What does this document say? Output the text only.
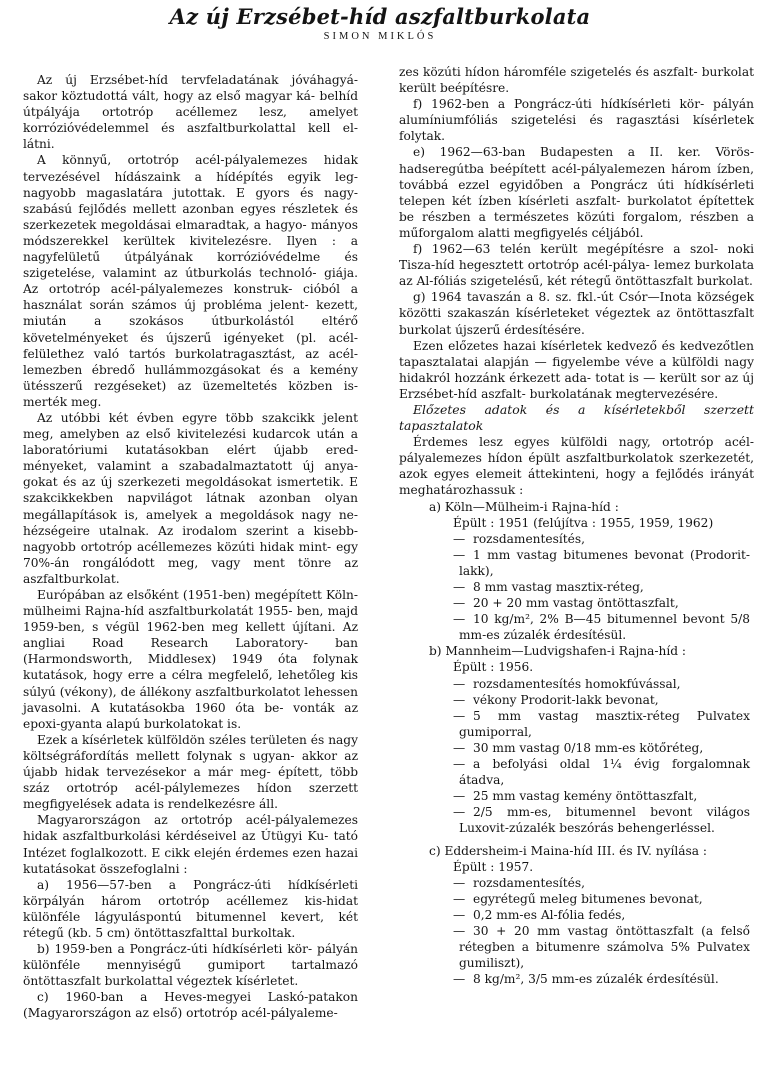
Az új Erzsébet-híd aszfaltburkolata
SIMON MIKLÓS

Az új Erzsébet-híd tervfeladatának jóváhagyá- sakor köztudottá vált, hogy az első magyar ká- belhíd útpályája ortotróp acéllemez lesz, amelyet korrózióvédelemmel és aszfaltburkolattal kell el- látni.

A könnyű, ortotróp acél-pályalemezes hidak tervezésével hídászaink a hídépítés egyik leg- nagyobb magaslatára jutottak. E gyors és nagy- szabású fejlődés mellett azonban egyes részletek és szerkezetek megoldásai elmaradtak, a hagyo- mányos módszerekkel kerültek kivitelezésre. Ilyen : a nagyfelületű útpályának korrózióvédelme és szigetelése, valamint az útburkolás technoló- giája. Az ortotróp acél-pályalemezes konstruk- cióból a használat során számos új probléma jelent- kezett, miután a szokásos útburkolástól eltérő követelményeket és újszerű igényeket (pl. acél- felülethez való tartós burkolatragasztást, az acél- lemezben ébredő hullámmozgásokat és a kemény ütésszerű rezgéseket) az üzemeltetés közben is- merték meg.

Az utóbbi két évben egyre több szakcikk jelent meg, amelyben az első kivitelezési kudarcok után a laboratóriumi kutatásokban elért újabb ered- ményeket, valamint a szabadalmaztatott új anya- gokat és az új szerkezeti megoldásokat ismertetik. E szakcikkekben napvilágot látnak azonban olyan megállapítások is, amelyek a megoldások nagy ne- hézségeire utalnak. Az irodalom szerint a kisebb- nagyobb ortotróp acéllemezes közúti hidak mint- egy 70%-án rongálódott meg, vagy ment tönre az aszfaltburkolat.

Európában az elsőként (1951-ben) megépített Köln-mülheimi Rajna-híd aszfaltburkolatát 1955- ben, majd 1959-ben, s végül 1962-ben meg kellett újítani. Az angliai Road Research Laboratory- ban (Harmondsworth, Middlesex) 1949 óta folynak kutatások, hogy erre a célra megfelelő, lehetőleg kis súlyú (vékony), de állékony aszfaltburkolatot lehessen javasolni. A kutatásokba 1960 óta be- vonták az epoxi-gyanta alapú burkolatokat is.

Ezek a kísérletek külföldön széles területen és nagy költségráfordítás mellett folynak s ugyan- akkor az újabb hidak tervezésekor a már meg- épített, több száz ortotróp acél-pálylemezes hídon szerzett megfigyelések adata is rendelkezésre áll.

Magyarországon az ortotróp acél-pályalemezes hidak aszfaltburkolási kérdéseivel az Útügyi Ku- tató Intézet foglalkozott. E cikk elején érdemes ezen hazai kutatásokat összefoglalni :

a) 1956—57-ben a Pongrácz-úti hídkísérleti körpályán három ortotróp acéllemez kis-hidat különféle lágyuláspontú bitumennel kevert, két rétegű (kb. 5 cm) öntöttaszfalttal burkoltak.

b) 1959-ben a Pongrácz-úti hídkísérleti kör- pályán különféle mennyiségű gumiport tartalmazó öntöttaszfalt burkolattal végeztek kísérletet.

c) 1960-ban a Heves-megyei Laskó-patakon (Magyarországon az első) ortotróp acél-pályaleme-

zes közúti hídon háromféle szigetelés és aszfalt- burkolat került beépítésre.

f) 1962-ben a Pongrácz-úti hídkísérleti kör- pályán alumíniumfóliás szigetelési és ragasztási kísérletek folytak.

e) 1962—63-ban Budapesten a II. ker. Vörös- hadseregútba beépített acél-pályalemezen három ízben, továbbá ezzel egyidőben a Pongrácz úti hídkísérleti telepen két ízben kísérleti aszfalt- burkolatot építettek be részben a természetes közúti forgalom, részben a műforgalom alatti megfigyelés céljából.

f) 1962—63 telén került megépítésre a szol- noki Tisza-híd hegesztett ortotróp acél-pálya- lemez burkolata az Al-fóliás szigetelésű, két rétegű öntöttaszfalt burkolat.

g) 1964 tavaszán a 8. sz. fkl.-út Csór—Inota községek közötti szakaszán kísérleteket végeztek az öntöttaszfalt burkolat újszerű érdesítésére.

Ezen előzetes hazai kísérletek kedvező és kedvezőtlen tapasztalatai alapján — figyelembe véve a külföldi nagy hidakról hozzánk érkezett ada- totat is — került sor az új Erzsébet-híd aszfalt- burkolatának megtervezésére.

Előzetes adatok és a kísérletekből szerzett tapasztalatok

Érdemes lesz egyes külföldi nagy, ortotróp acél-pályalemezes hídon épült aszfaltburkolatok szerkezetét, azok egyes elemeit áttekinteni, hogy a fejlődés irányát meghatározhassuk :

a) Köln—Mülheim-i Rajna-híd :

Épült : 1951 (felújítva : 1955, 1959, 1962)

— rozsdamentesítés,

— 1 mm vastag bitumenes bevonat (Prodorit-lakk),

— 8 mm vastag masztix-réteg,

— 20 + 20 mm vastag öntöttaszfalt,

— 10 kg/m², 2% B—45 bitumennel bevont 5/8 mm-es zúzalék érdesítésül.

b) Mannheim—Ludvigshafen-i Rajna-híd :

Épült : 1956.

— rozsdamentesítés homokfúvással,

— vékony Prodorit-lakk bevonat,

— 5 mm vastag masztix-réteg Pulvatex gumiporral,

— 30 mm vastag 0/18 mm-es kötőréteg,

— a befolyási oldal 1¼ évig forgalomnak átadva,

— 25 mm vastag kemény öntöttaszfalt,

— 2/5 mm-es, bitumennel bevont világos Luxovit-zúzalék beszórás behengerléssel.

c) Eddersheim-i Maina-híd III. és IV. nyílása :

Épült : 1957.

— rozsdamentesítés,

— egyrétegű meleg bitumenes bevonat,

— 0,2 mm-es Al-fólia fedés,

— 30 + 20 mm vastag öntöttaszfalt (a felső rétegben a bitumenre számolva 5% Pulvatex gumiliszt),

— 8 kg/m², 3/5 mm-es zúzalék érdesítésül.
